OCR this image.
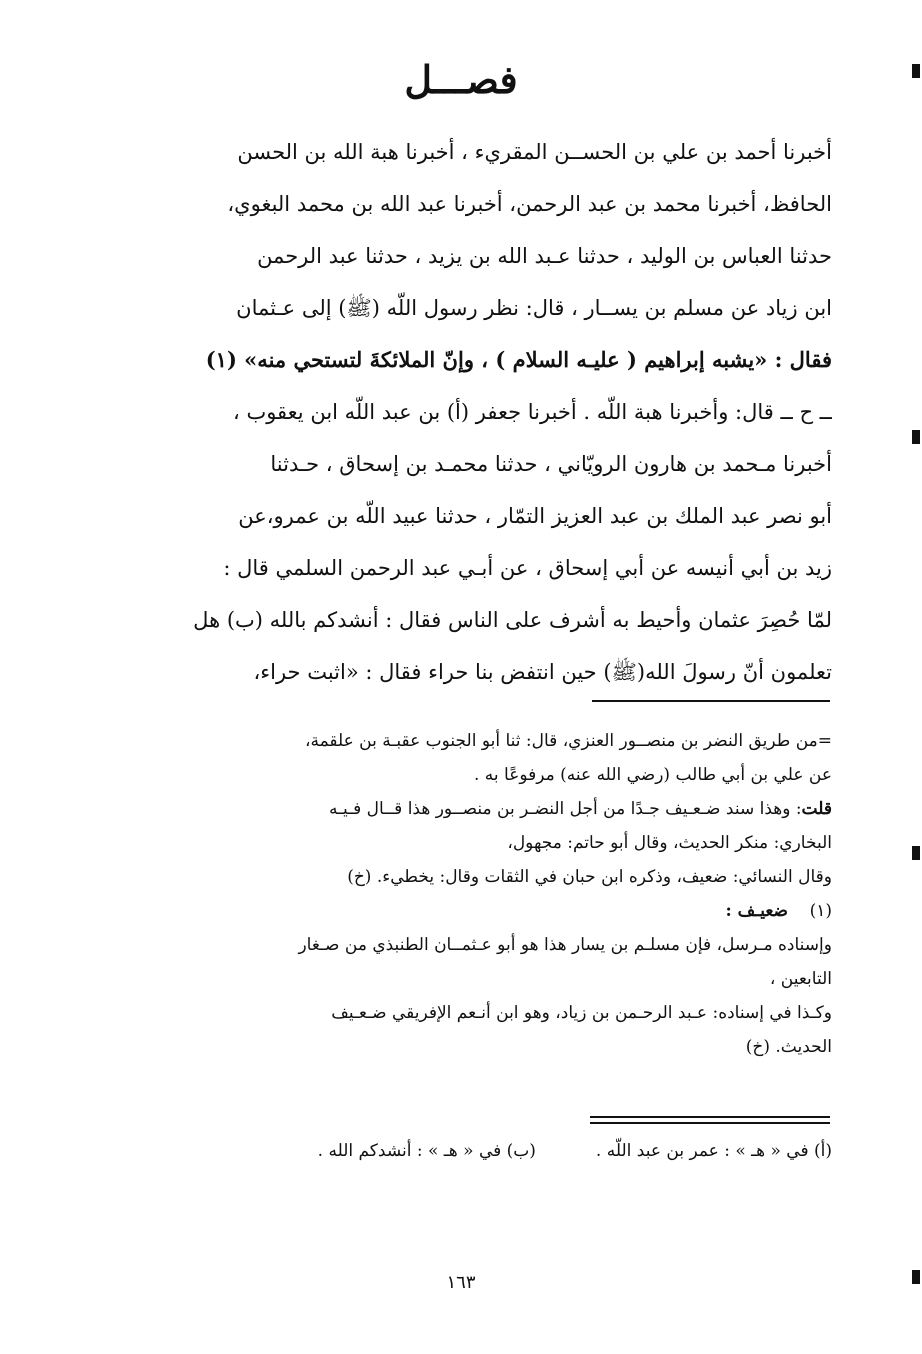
فصـــل
أخبرنا أحمد بن علي بن الحســن المقريء ، أخبرنا هبة الله بن الحسن
الحافظ، أخبرنا محمد بن عبد الرحمن، أخبرنا عبد الله بن محمد البغوي،
حدثنا العباس بن الوليد ، حدثنا عـبد الله بن يزيد ، حدثنا عبد الرحمن
ابن زياد عن مسلم بن يســار ، قال: نظر رسول اللّه (ﷺ) إلى عـثمان
فقال : «يشبه إبراهيم ( عليـه السلام ) ، وإنّ الملائكةَ لتستحي منه» (١)
ــ ح ــ قال: وأخبرنا هبة اللّه . أخبرنا جعفر (أ) بن عبد اللّه ابن يعقوب ،
أخبرنا مـحمد بن هارون الرويّاني ، حدثنا محمـد بن إسحاق ، حـدثنا
أبو نصر عبد الملك بن عبد العزيز التمّار ، حدثنا عبيد اللّه بن عمرو،عن
زيد بن أبي أنيسه عن أبي إسحاق ، عن أبـي عبد الرحمن السلمي قال :
لمّا حُصِرَ عثمان وأحيط به أشرف على الناس فقال : أنشدكم بالله (ب) هل
تعلمون أنّ رسولَ الله(ﷺ) حين انتفض بنا حراء فقال : «اثبت حراء،
=من طريق النضر بن منصــور العنزي، قال: ثنا أبو الجنوب عقبـة بن علقمة،
عن علي بن أبي طالب (رضي الله عنه) مرفوعًا به .
قلت: وهذا سند ضـعـيف جـدًا من أجل النضـر بن منصــور هذا قــال فـيـه
البخاري: منكر الحديث، وقال أبو حاتم: مجهول،
وقال النسائي: ضعيف، وذكره ابن حبان في الثقات وقال: يخطيء. (خ)
(١)ضعيـف :
وإسناده مـرسل، فإن مسلـم بن يسار هذا هو أبو عـثمــان الطنبذي من صـغار
التابعين ،
وكـذا في إسناده: عـبد الرحـمن بن زياد، وهو ابن أنـعم الإفريقي ضـعـيف
الحديث. (خ)
(أ) في « هـ » : عمر بن عبد اللّه .(ب) في « هـ » : أنشدكم الله .
١٦٣
